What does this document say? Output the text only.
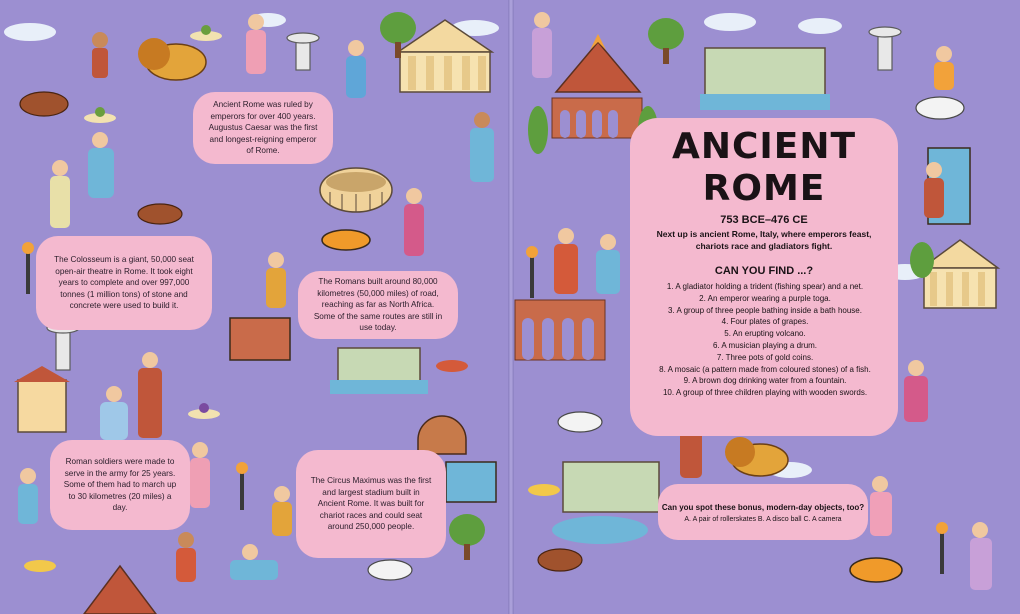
Ancient Rome was ruled by emperors for over 400 years. Augustus Caesar was the first and longest-reigning emperor of Rome.
The Colosseum is a giant, 50,000 seat open-air theatre in Rome. It took eight years to complete and over 997,000 tonnes (1 million tons) of stone and concrete were used to build it.
The Romans built around 80,000 kilometres (50,000 miles) of road, reaching as far as North Africa. Some of the same routes are still in use today.
Roman soldiers were made to serve in the army for 25 years. Some of them had to march up to 30 kilometres (20 miles) a day.
The Circus Maximus was the first and largest stadium built in Ancient Rome. It was built for chariot races and could seat around 250,000 people.
ANCIENT
ROME
753 BCE–476 CE
Next up is ancient Rome, Italy, where emperors feast, chariots race and gladiators fight.
CAN YOU FIND ...?
1. A gladiator holding a trident (fishing spear) and a net.
2. An emperor wearing a purple toga.
3. A group of three people bathing inside a bath house.
4. Four plates of grapes.
5. An erupting volcano.
6. A musician playing a drum.
7. Three pots of gold coins.
8. A mosaic (a pattern made from coloured stones) of a fish.
9. A brown dog drinking water from a fountain.
10. A group of three children playing with wooden swords.
Can you spot these bonus, modern-day objects, too?
A. A pair of rollerskates B. A disco ball C. A camera
